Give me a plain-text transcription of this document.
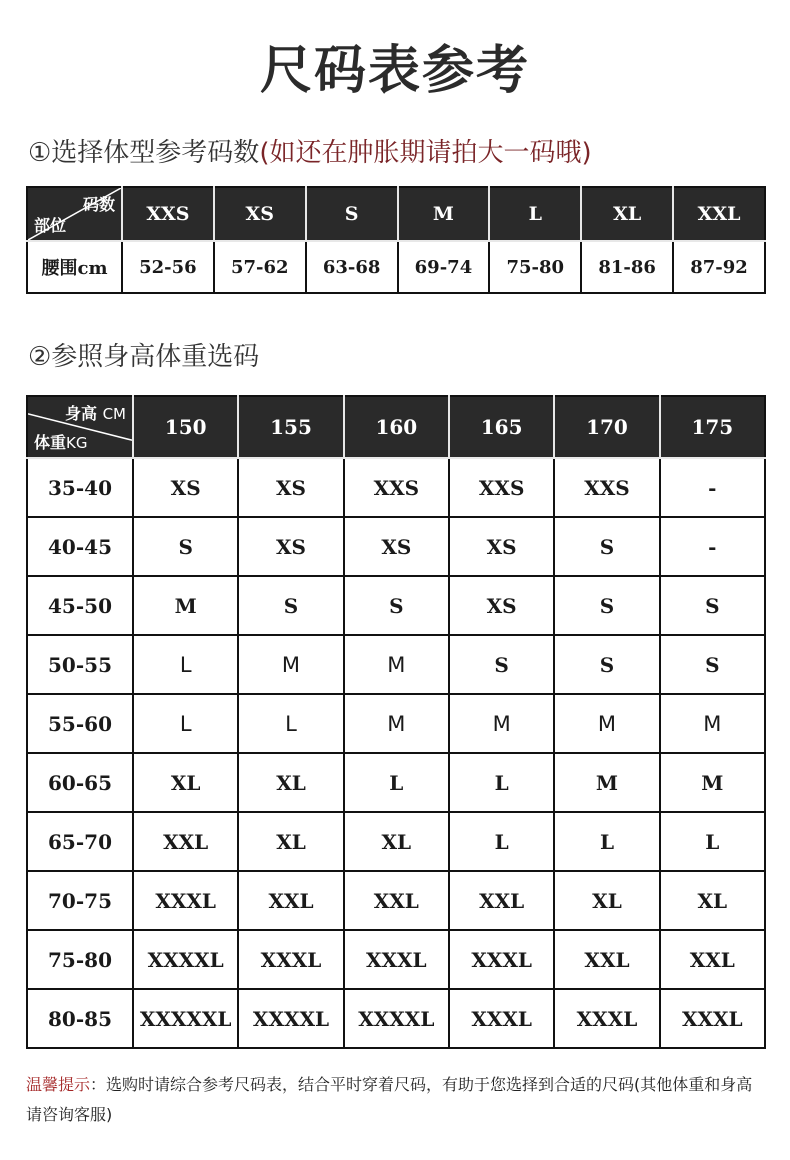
尺码表参考
①选择体型参考码数(如还在肿胀期请拍大一码哦)
码数
部位	XXS	XS	S	M	L	XL	XXL
腰围cm	52-56	57-62	63-68	69-74	75-80	81-86	87-92
②参照身高体重选码
身高 CM
体重KG	150	155	160	165	170	175
35-40	XS	XS	XXS	XXS	XXS	-
40-45	S	XS	XS	XS	S	-
45-50	M	S	S	XS	S	S
50-55	L	M	M	S	S	S
55-60	L	L	M	M	M	M
60-65	XL	XL	L	L	M	M
65-70	XXL	XL	XL	L	L	L
70-75	XXXL	XXL	XXL	XXL	XL	XL
75-80	XXXXL	XXXL	XXXL	XXXL	XXL	XXL
80-85	XXXXXL	XXXXL	XXXXL	XXXL	XXXL	XXXL
温馨提示：选购时请综合参考尺码表，结合平时穿着尺码，有助于您选择到合适的尺码(其他体重和身高请咨询客服)
